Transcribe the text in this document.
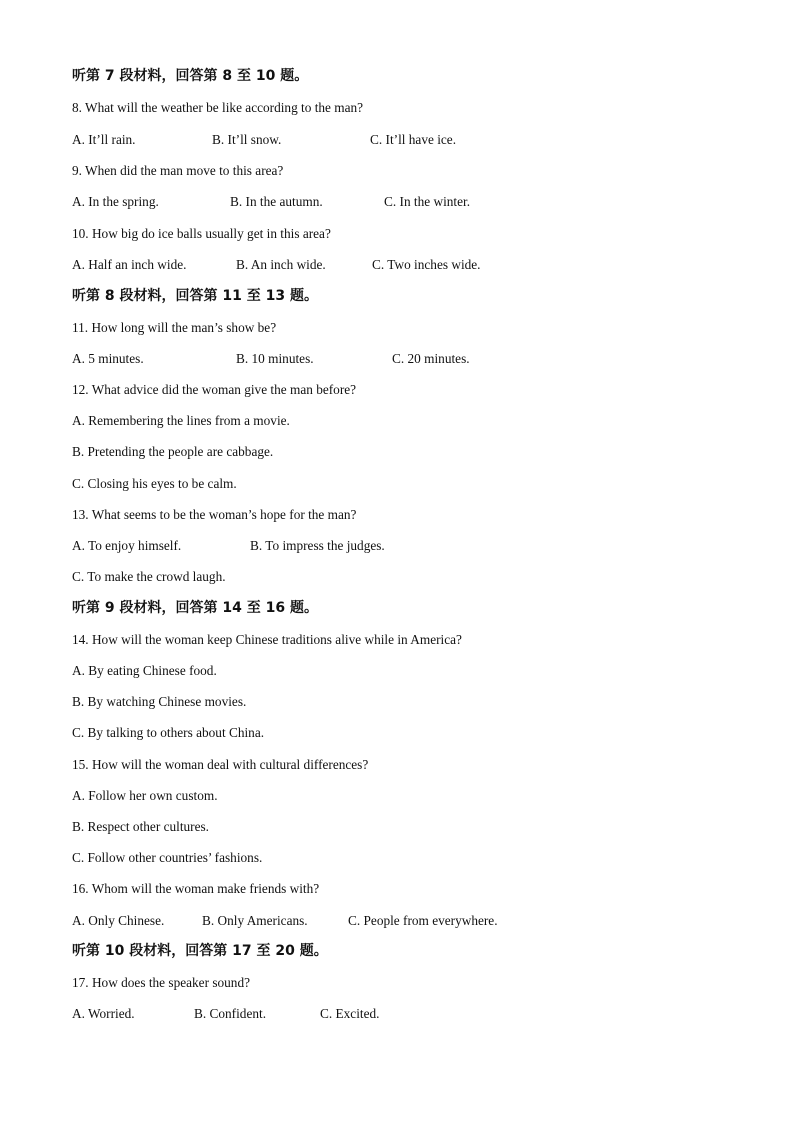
听第 7 段材料，回答第 8 至 10 题。
8. What will the weather be like according to the man?
A. It’ll rain.	B. It’ll snow.	C. It’ll have ice.
9. When did the man move to this area?
A. In the spring.	B. In the autumn.	C. In the winter.
10. How big do ice balls usually get in this area?
A. Half an inch wide.	B. An inch wide.	C. Two inches wide.
听第 8 段材料，回答第 11 至 13 题。
11. How long will the man’s show be?
A. 5 minutes.	B. 10 minutes.	C. 20 minutes.
12. What advice did the woman give the man before?
A. Remembering the lines from a movie.
B. Pretending the people are cabbage.
C. Closing his eyes to be calm.
13. What seems to be the woman’s hope for the man?
A. To enjoy himself.	B. To impress the judges.
C. To make the crowd laugh.
听第 9 段材料，回答第 14 至 16 题。
14. How will the woman keep Chinese traditions alive while in America?
A. By eating Chinese food.
B. By watching Chinese movies.
C. By talking to others about China.
15. How will the woman deal with cultural differences?
A. Follow her own custom.
B. Respect other cultures.
C. Follow other countries’ fashions.
16. Whom will the woman make friends with?
A. Only Chinese.	B. Only Americans.	C. People from everywhere.
听第 10 段材料，回答第 17 至 20 题。
17. How does the speaker sound?
A. Worried.	B. Confident.	C. Excited.
